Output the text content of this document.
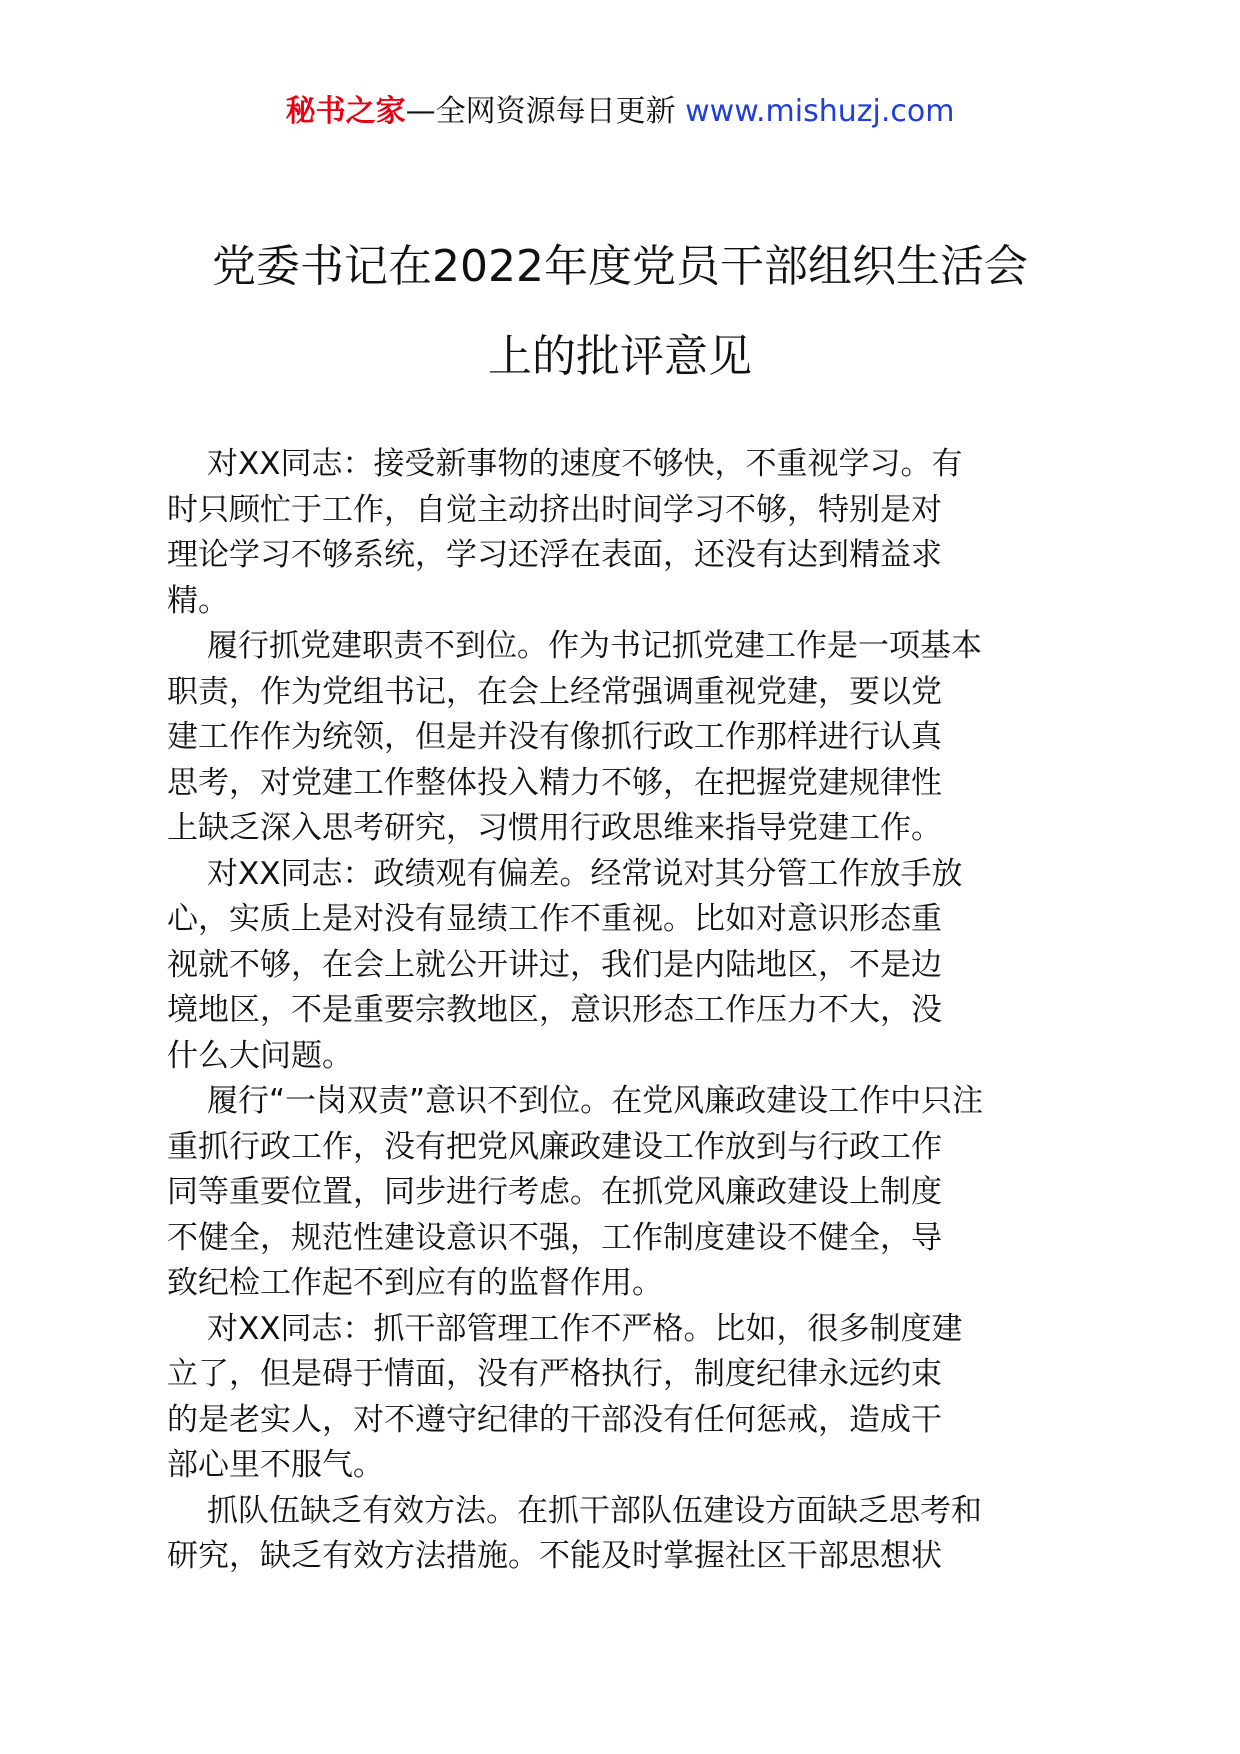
秘书之家—全网资源每日更新 www.mishuzj.com
党委书记在2022年度党员干部组织生活会
上的批评意见
对XX同志：接受新事物的速度不够快，不重视学习。有
时只顾忙于工作，自觉主动挤出时间学习不够，特别是对
理论学习不够系统，学习还浮在表面，还没有达到精益求
精。
履行抓党建职责不到位。作为书记抓党建工作是一项基本
职责，作为党组书记，在会上经常强调重视党建，要以党
建工作作为统领，但是并没有像抓行政工作那样进行认真
思考，对党建工作整体投入精力不够，在把握党建规律性
上缺乏深入思考研究，习惯用行政思维来指导党建工作。
对XX同志：政绩观有偏差。经常说对其分管工作放手放
心，实质上是对没有显绩工作不重视。比如对意识形态重
视就不够，在会上就公开讲过，我们是内陆地区，不是边
境地区，不是重要宗教地区，意识形态工作压力不大，没
什么大问题。
履行“一岗双责”意识不到位。在党风廉政建设工作中只注
重抓行政工作，没有把党风廉政建设工作放到与行政工作
同等重要位置，同步进行考虑。在抓党风廉政建设上制度
不健全，规范性建设意识不强，工作制度建设不健全，导
致纪检工作起不到应有的监督作用。
对XX同志：抓干部管理工作不严格。比如，很多制度建
立了，但是碍于情面，没有严格执行，制度纪律永远约束
的是老实人，对不遵守纪律的干部没有任何惩戒，造成干
部心里不服气。
抓队伍缺乏有效方法。在抓干部队伍建设方面缺乏思考和
研究，缺乏有效方法措施。不能及时掌握社区干部思想状
